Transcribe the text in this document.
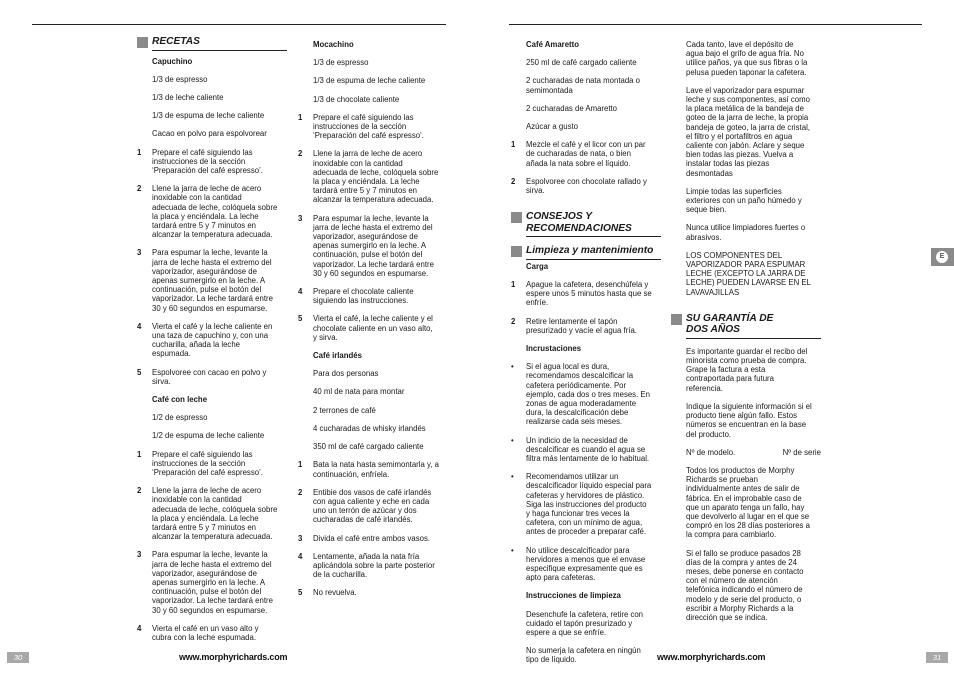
RECETAS

Capuchino

1/3 de espresso

1/3 de leche caliente

1/3 de espuma de leche caliente

Cacao en polvo para espolvorear

1 Prepare el café siguiendo las
instrucciones de la sección
‘Preparación del café espresso’.
2 Llene la jarra de leche de acero
inoxidable con la cantidad
adecuada de leche, colóquela sobre
la placa y enciéndala. La leche
tardará entre 5 y 7 minutos en
alcanzar la temperatura adecuada.
3 Para espumar la leche, levante la
jarra de leche hasta el extremo del
vaporizador, asegurándose de
apenas sumergirlo en la leche. A
continuación, pulse el botón del
vaporizador. La leche tardará entre
30 y 60 segundos en espumarse.
4 Vierta el café y la leche caliente en
una taza de capuchino y, con una
cucharilla, añada la leche
espumada.
5 Espolvoree con cacao en polvo y
sirva.

Café con leche

1/2 de espresso

1/2 de espuma de leche caliente

1 Prepare el café siguiendo las
instrucciones de la sección
‘Preparación del café espresso’.
2 Llene la jarra de leche de acero
inoxidable con la cantidad
adecuada de leche, colóquela sobre
la placa y enciéndala. La leche
tardará entre 5 y 7 minutos en
alcanzar la temperatura adecuada.
3 Para espumar la leche, levante la
jarra de leche hasta el extremo del
vaporizador, asegurándose de
apenas sumergirlo en la leche. A
continuación, pulse el botón del
vaporizador. La leche tardará entre
30 y 60 segundos en espumarse.
4 Vierta el café en un vaso alto y
cubra con la leche espumada.

Mocachino

1/3 de espresso

1/3 de espuma de leche caliente

1/3 de chocolate caliente

1 Prepare el café siguiendo las
instrucciones de la sección
‘Preparación del café espresso’.
2 Llene la jarra de leche de acero
inoxidable con la cantidad
adecuada de leche, colóquela sobre
la placa y enciéndala. La leche
tardará entre 5 y 7 minutos en
alcanzar la temperatura adecuada.
3 Para espumar la leche, levante la
jarra de leche hasta el extremo del
vaporizador, asegurándose de
apenas sumergirlo en la leche. A
continuación, pulse el botón del
vaporizador. La leche tardará entre
30 y 60 segundos en espumarse.
4 Prepare el chocolate caliente
siguiendo las instrucciones.
5 Vierta el café, la leche caliente y el
chocolate caliente en un vaso alto,
y sirva.

Café irlandés

Para dos personas

40 ml de nata para montar

2 terrones de café

4 cucharadas de whisky irlandés

350 ml de café cargado caliente

1 Bata la nata hasta semimontarla y, a
continuación, enfríela.
2 Entibie dos vasos de café irlandés
con agua caliente y eche en cada
uno un terrón de azúcar y dos
cucharadas de café irlandés.
3 Divida el café entre ambos vasos.
4 Lentamente, añada la nata fría
aplicándola sobre la parte posterior
de la cucharilla.
5 No revuelva.

Café Amaretto

250 ml de café cargado caliente

2 cucharadas de nata montada o
semimontada

2 cucharadas de Amaretto

Azúcar a gusto

1 Mezcle el café y el licor con un par
de cucharadas de nata, o bien
añada la nata sobre el líquido.
2 Espolvoree con chocolate rallado y
sirva.
CONSEJOS Y
RECOMENDACIONES
Limpieza y mantenimiento

Carga

1 Apague la cafetera, desenchúfela y
espere unos 5 minutos hasta que se
enfríe.
2 Retire lentamente el tapón
presurizado y vacíe el agua fría.

Incrustaciones

• Si el agua local es dura,
recomendamos descalcificar la
cafetera periódicamente. Por
ejemplo, cada dos o tres meses. En
zonas de agua moderadamente
dura, la descalcificación debe
realizarse cada seis meses.
• Un indicio de la necesidad de
descalcificar es cuando el agua se
filtra más lentamente de lo habitual.
• Recomendamos utilizar un
descalcificador líquido especial para
cafeteras y hervidores de plástico.
Siga las instrucciones del producto
y haga funcionar tres veces la
cafetera, con un mínimo de agua,
antes de proceder a preparar café.
• No utilice descalcificador para
hervidores a menos que el envase
especifique expresamente que es
apto para cafeteras.

Instrucciones de limpieza

Desenchufe la cafetera, retire con
cuidado el tapón presurizado y
espere a que se enfríe.

No sumerja la cafetera en ningún
tipo de líquido.

Cada tanto, lave el depósito de
agua bajo el grifo de agua fría. No
utilice paños, ya que sus fibras o la
pelusa pueden taponar la cafetera.

Lave el vaporizador para espumar
leche y sus componentes, así como
la placa metálica de la bandeja de
goteo de la jarra de leche, la propia
bandeja de goteo, la jarra de cristal,
el filtro y el portafiltros en agua
caliente con jabón. Aclare y seque
bien todas las piezas. Vuelva a
instalar todas las piezas
desmontadas

Limpie todas las superficies
exteriores con un paño húmedo y
seque bien.

Nunca utilice limpiadores fuertes o
abrasivos.

LOS COMPONENTES DEL
VAPORIZADOR PARA ESPUMAR
LECHE (EXCEPTO LA JARRA DE
LECHE) PUEDEN LAVARSE EN EL
LAVAVAJILLAS

SU GARANTÍA DE
DOS AÑOS

Es importante guardar el recibo del
minorista como prueba de compra.
Grape la factura a esta
contraportada para futura
referencia.

Indique la siguiente información si el
producto tiene algún fallo. Estos
números se encuentran en la base
del producto.

Nº de modelo.	Nº de serie

Todos los productos de Morphy
Richards se prueban
individualmente antes de salir de
fábrica. En el improbable caso de
que un aparato tenga un fallo, hay
que devolverlo al lugar en el que se
compró en los 28 días posteriores a
la compra para cambiarlo.

Si el fallo se produce pasados 28
días de la compra y antes de 24
meses, debe ponerse en contacto
con el número de atención
telefónica indicando el número de
modelo y de serie del producto, o
escribir a Morphy Richards a la
dirección que se indica.

E
30	www.morphyrichards.com	www.morphyrichards.com	31
